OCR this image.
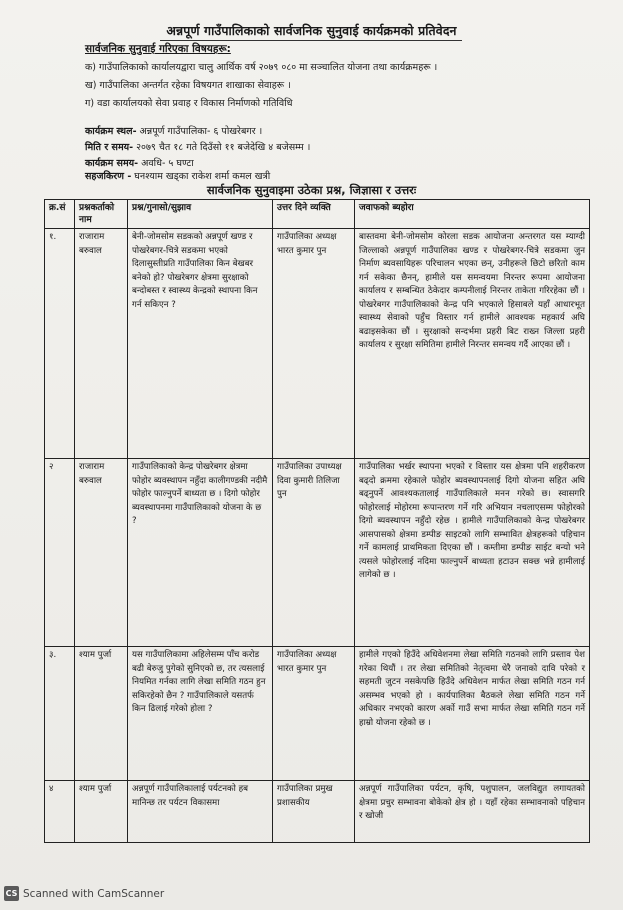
अन्नपूर्ण गाउँपालिकाको सार्वजनिक सुनुवाई कार्यक्रमको प्रतिवेदन
सार्वजनिक सुनुवाई गरिएका विषयहरू:
क) गाउँपालिकाको कार्यालयद्वारा चालु आर्थिक वर्ष २०७९ ०८० मा सञ्चालित योजना तथा कार्यक्रमहरू ।
ख) गाउँपालिका अन्तर्गत रहेका विषयगत शाखाका सेवाहरू ।
ग) वडा कार्यालयको सेवा प्रवाह र विकास निर्माणको गतिविधि
कार्यक्रम स्थल- अन्नपूर्ण गाउँपालिका- ६ पोखरेबगर ।
मिति र समय- २०७९ चैत १८ गते दिउँसो ११ बजेदेखि ४ बजेसम्म ।
कार्यक्रम समय- अवधि- ५ घण्टा
सहजकिरण - घनश्याम खड्का राकेश शर्मा कमल खत्री
सार्वजनिक सुनुवाइमा उठेका प्रश्न, जिज्ञासा र उत्तरः
क्र.सं	प्रश्नकर्ताको नाम	प्रश्न/गुनासो/सुझाव	उत्तर दिने व्यक्ति	जवाफको ब्यहोरा
१.	राजाराम बरुवाल	बेनी-जोमसोम सडकको अन्नपूर्ण खण्ड र पोखरेबगर-चित्रे सडकमा भएको दिलासुस्तीप्रति गाउँपालिका किन बेखबर बनेको हो? पोखरेबगर क्षेत्रमा सुरक्षाको बन्दोबस्त र स्वास्थ्य केन्द्रको स्थापना किन गर्न सकिएन ?	गाउँपालिका अध्यक्ष भारत कुमार पुन	बास्तवमा बेनी-जोमसोम कोरला सडक आयोजना अन्तरगत यस म्याग्दी जिल्लाको अन्नपूर्ण गाउँपालिका खण्ड र पोखरेबगर-चित्रे सडकमा जुन निर्माण ब्यवसायिहरू परिचालन भएका छन्, उनीहरूले छिटो छरितो काम गर्न सकेका छैनन्, हामीले यस समन्वयमा निरन्तर रूपमा आयोजना कार्यालय र सम्बन्धित ठेकेदार कम्पनीलाई निरन्तर ताकेता गरिरहेका छौं ।पोखरेबगर गाउँपालिकाको केन्द्र पनि भएकाले हिसाबले यहाँ आधारभूत स्वास्थ्य सेवाको पहुँच विस्तार गर्न हामीले आवश्यक महकार्य अघि बढाइसकेका छौं । सुरक्षाको सन्दर्भमा प्रहरी बिट राख्न जिल्ला प्रहरी कार्यालय र सुरक्षा समितिमा हामीले निरन्तर समन्वय गर्दै आएका छौं ।
२	राजाराम बरुवाल	गाउँपालिकाको केन्द्र पोखरेबगर क्षेत्रमा फोहोर ब्यवस्थापन नहुँदा कालीगण्डकी नदीमै फोहोर फाल्नुपर्ने बाध्यता छ । दिगो फोहोर ब्यवस्थापनमा गाउँपालिकाको योजना के छ ?	गाउँपालिका उपाध्यक्ष दिवा कुमारी तिलिजा पुन	गाउँपालिका भर्खर स्थापना भएको र विस्तार यस क्षेत्रमा पनि शहरीकरण बढ्दो क्रममा रहेकाले फोहोर ब्यवस्थापनलाई दिगो योजना सहित अघि बढ्नुपर्ने आवश्यकतालाई गाउँपालिकाले मनन गरेको छ। स्वासगरि फोहोरलाई मोहोरमा रूपान्तरण गर्ने गरि अभियान नचलाएसम्म फोहोरको दिगो ब्यवस्थापन नहुँदो रहेछ । हामीले गाउँपालिकाको केन्द्र पोखरेबगर आसपासको क्षेत्रमा डम्पीङ साइटको लागि सम्भावित क्षेत्रहरूको पहिचान गर्ने कामलाई प्राथमिकता दिएका छौं । कम्तीमा डम्पीङ साईट बन्यो भने त्यसले फोहोरलाई नदिमा फाल्नुपर्ने बाध्यता हटाउन सक्छ भन्ने हामीलाई लागेको छ ।
३.	श्याम पुर्जा	यस गाउँपालिकामा अहिलेसम्म पाँच करोड बढी बेरुजु पुगेको सुनिएको छ, तर त्यसलाई नियमित गर्नका लागि लेखा समिति गठन हुन सकिरहेको छैन ? गाउँपालिकाले यसतर्फ किन ढिलाई गरेको होला ?	गाउँपालिका अध्यक्ष भारत कुमार पुन	हामीले गएको हिउँदे अधिवेशनमा लेखा समिति गठनको लागि प्रस्ताव पेश गरेका थियौं । तर लेखा समितिको नेतृत्वमा धेरै जनाको दावि परेको र सहमती जुटन नसकेपछि हिउँदे अधिवेशन मार्फत लेखा समिति गठन गर्न असम्भव भएको हो । कार्यपालिका बैठकले लेखा समिति गठन गर्ने अधिकार नभएको कारण अर्को गाउँ सभा मार्फत लेखा समिति गठन गर्ने हाम्रो योजना रहेको छ ।
४	श्याम पुर्जा	अन्नपूर्ण गाउँपालिकालाई पर्यटनको हब मानिन्छ तर पर्यटन विकासमा	गाउँपालिका प्रमुख प्रशासकीय	अन्नपूर्ण गाउँपालिका पर्यटन, कृषि, पशुपालन, जलविद्युत लगायतको क्षेत्रमा प्रचुर सम्भावना बोकेको क्षेत्र हो । यहाँ रहेका सम्भावनाको पहिचान र खोजी
CS Scanned with CamScanner
